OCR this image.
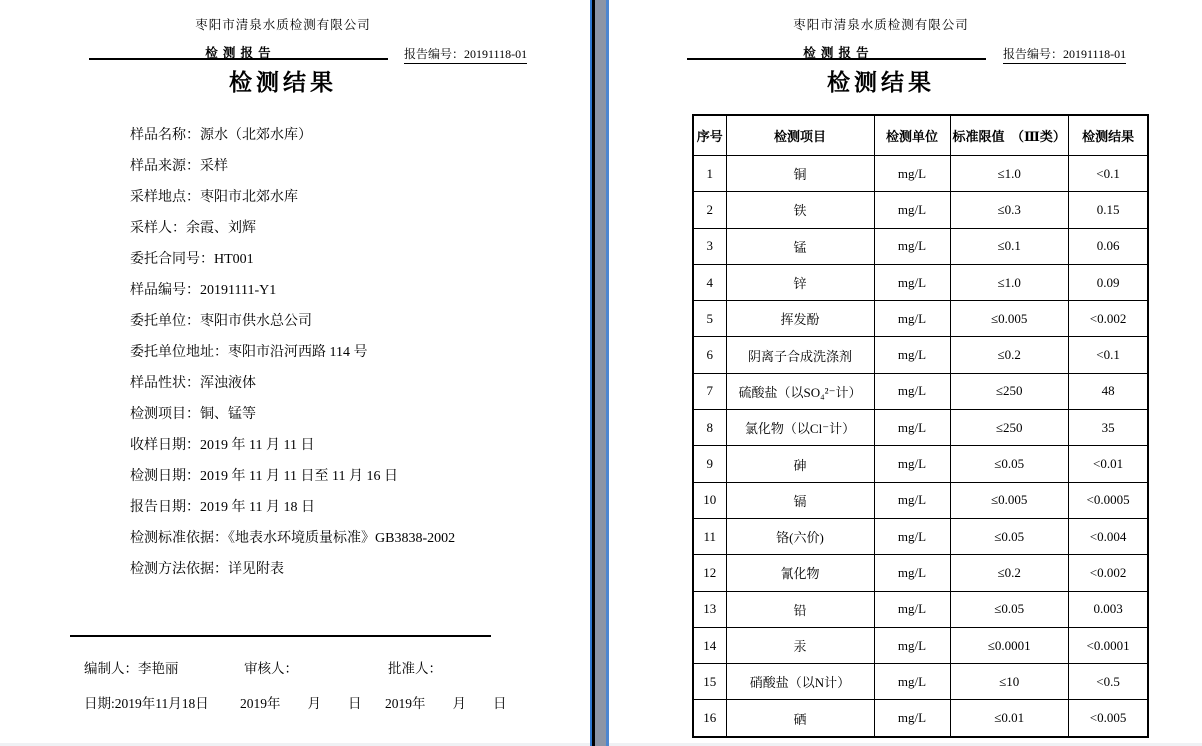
枣阳市清泉水质检测有限公司
检 测 报 告	报告编号：20191118-01
检测结果
样品名称：源水（北郊水库）
样品来源：采样
采样地点：枣阳市北郊水库
采样人：余霞、刘辉
委托合同号：HT001
样品编号：20191111-Y1
委托单位：枣阳市供水总公司
委托单位地址：枣阳市沿河西路 114 号
样品性状：浑浊液体
检测项目：铜、锰等
收样日期：2019 年 11 月 11 日
检测日期：2019 年 11 月 11 日至 11 月 16 日
报告日期：2019 年 11 月 18 日
检测标准依据：《地表水环境质量标准》GB3838-2002
检测方法依据：详见附表
编制人：李艳丽	审核人：	批准人：
日期:2019年11月18日 2019年　　月　　日 2019年　　月　　日
枣阳市清泉水质检测有限公司
检 测 报 告	报告编号：20191118-01
检测结果
序号	检测项目	检测单位	标准限值　（Ⅲ类）	检测结果
1	铜	mg/L	≤1.0	<0.1
2	铁	mg/L	≤0.3	0.15
3	锰	mg/L	≤0.1	0.06
4	锌	mg/L	≤1.0	0.09
5	挥发酚	mg/L	≤0.005	<0.002
6	阴离子合成洗涤剂	mg/L	≤0.2	<0.1
7	硫酸盐（以SO₄²⁻计）	mg/L	≤250	48
8	氯化物（以Cl⁻计）	mg/L	≤250	35
9	砷	mg/L	≤0.05	<0.01
10	镉	mg/L	≤0.005	<0.0005
11	铬(六价)	mg/L	≤0.05	<0.004
12	氰化物	mg/L	≤0.2	<0.002
13	铅	mg/L	≤0.05	0.003
14	汞	mg/L	≤0.0001	<0.0001
15	硝酸盐（以N计）	mg/L	≤10	<0.5
16	硒	mg/L	≤0.01	<0.005
